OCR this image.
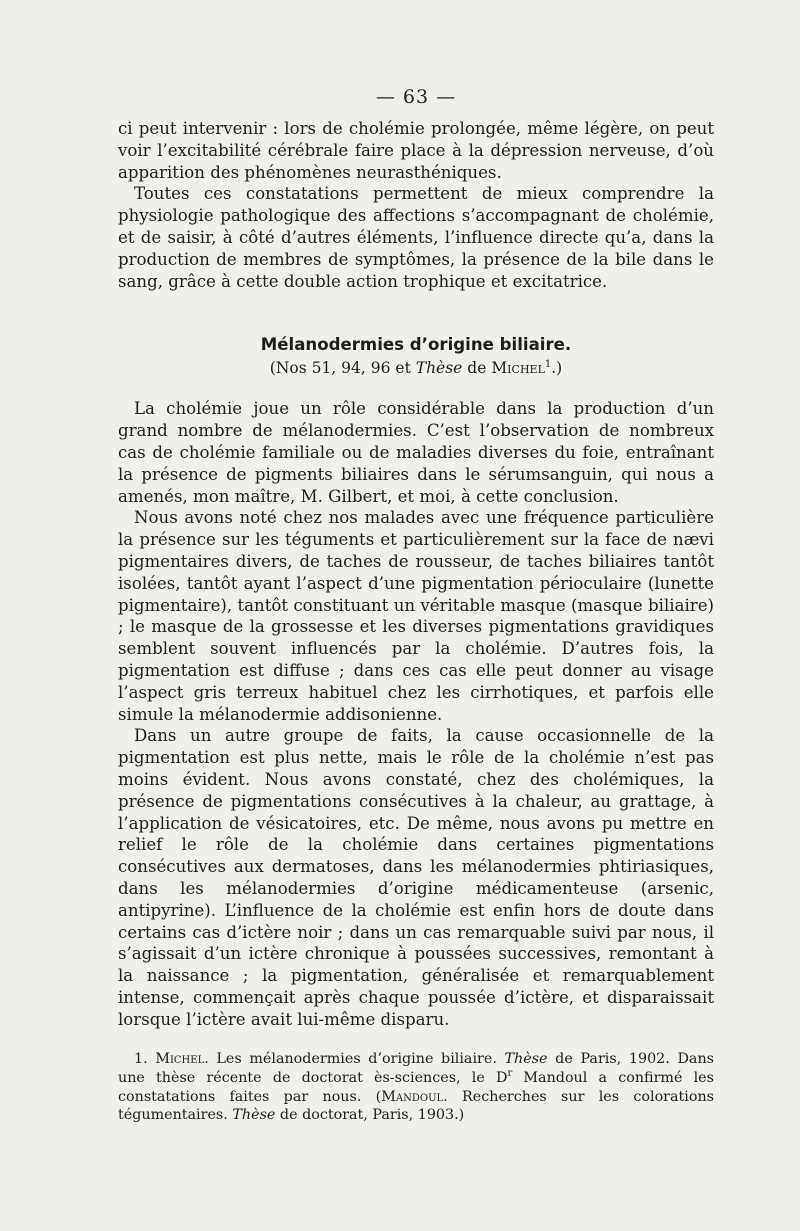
— 63 —

ci peut intervenir : lors de cholémie prolongée, même légère, on peut voir l’excitabilité cérébrale faire place à la dépression nerveuse, d’où apparition des phénomènes neurasthéniques.

Toutes ces constatations permettent de mieux comprendre la physiologie pathologique des affections s’accompagnant de cholémie, et de saisir, à côté d’autres éléments, l’influence directe qu’a, dans la production de membres de symptômes, la présence de la bile dans le sang, grâce à cette double action trophique et excitatrice.

Mélanodermies d’origine biliaire.
(Nos 51, 94, 96 et Thèse de Michel$^1$.)

La cholémie joue un rôle considérable dans la production d’un grand nombre de mélanodermies. C’est l’observation de nombreux cas de cholémie familiale ou de maladies diverses du foie, entraînant la présence de pigments biliaires dans le sérumsanguin, qui nous a amenés, mon maître, M. Gilbert, et moi, à cette conclusion.

Nous avons noté chez nos malades avec une fréquence particulière la présence sur les téguments et particulièrement sur la face de nævi pigmentaires divers, de taches de rousseur, de taches biliaires tantôt isolées, tantôt ayant l’aspect d’une pigmentation périoculaire (lunette pigmentaire), tantôt constituant un véritable masque (masque biliaire) ; le masque de la grossesse et les diverses pigmentations gravidiques semblent souvent influencés par la cholémie. D’autres fois, la pigmentation est diffuse ; dans ces cas elle peut donner au visage l’aspect gris terreux habituel chez les cirrhotiques, et parfois elle simule la mélanodermie addisonienne.

Dans un autre groupe de faits, la cause occasionnelle de la pigmentation est plus nette, mais le rôle de la cholémie n’est pas moins évident. Nous avons constaté, chez des cholémiques, la présence de pigmentations consécutives à la chaleur, au grattage, à l’application de vésicatoires, etc. De même, nous avons pu mettre en relief le rôle de la cholémie dans certaines pigmentations consécutives aux dermatoses, dans les mélanodermies phtiriasiques, dans les mélanodermies d’origine médicamenteuse (arsenic, antipyrine). L’influence de la cholémie est enfin hors de doute dans certains cas d’ictère noir ; dans un cas remarquable suivi par nous, il s’agissait d’un ictère chronique à poussées successives, remontant à la naissance ; la pigmentation, généralisée et remarquablement intense, commençait après chaque poussée d’ictère, et disparaissait lorsque l’ictère avait lui-même disparu.

1. Michel. Les mélanodermies d’origine biliaire. Thèse de Paris, 1902. Dans une thèse récente de doctorat ès-sciences, le $D^r$ Mandoul a confirmé les constatations faites par nous. (Mandoul. Recherches sur les colorations tégumentaires. Thèse de doctorat, Paris, 1903.)
